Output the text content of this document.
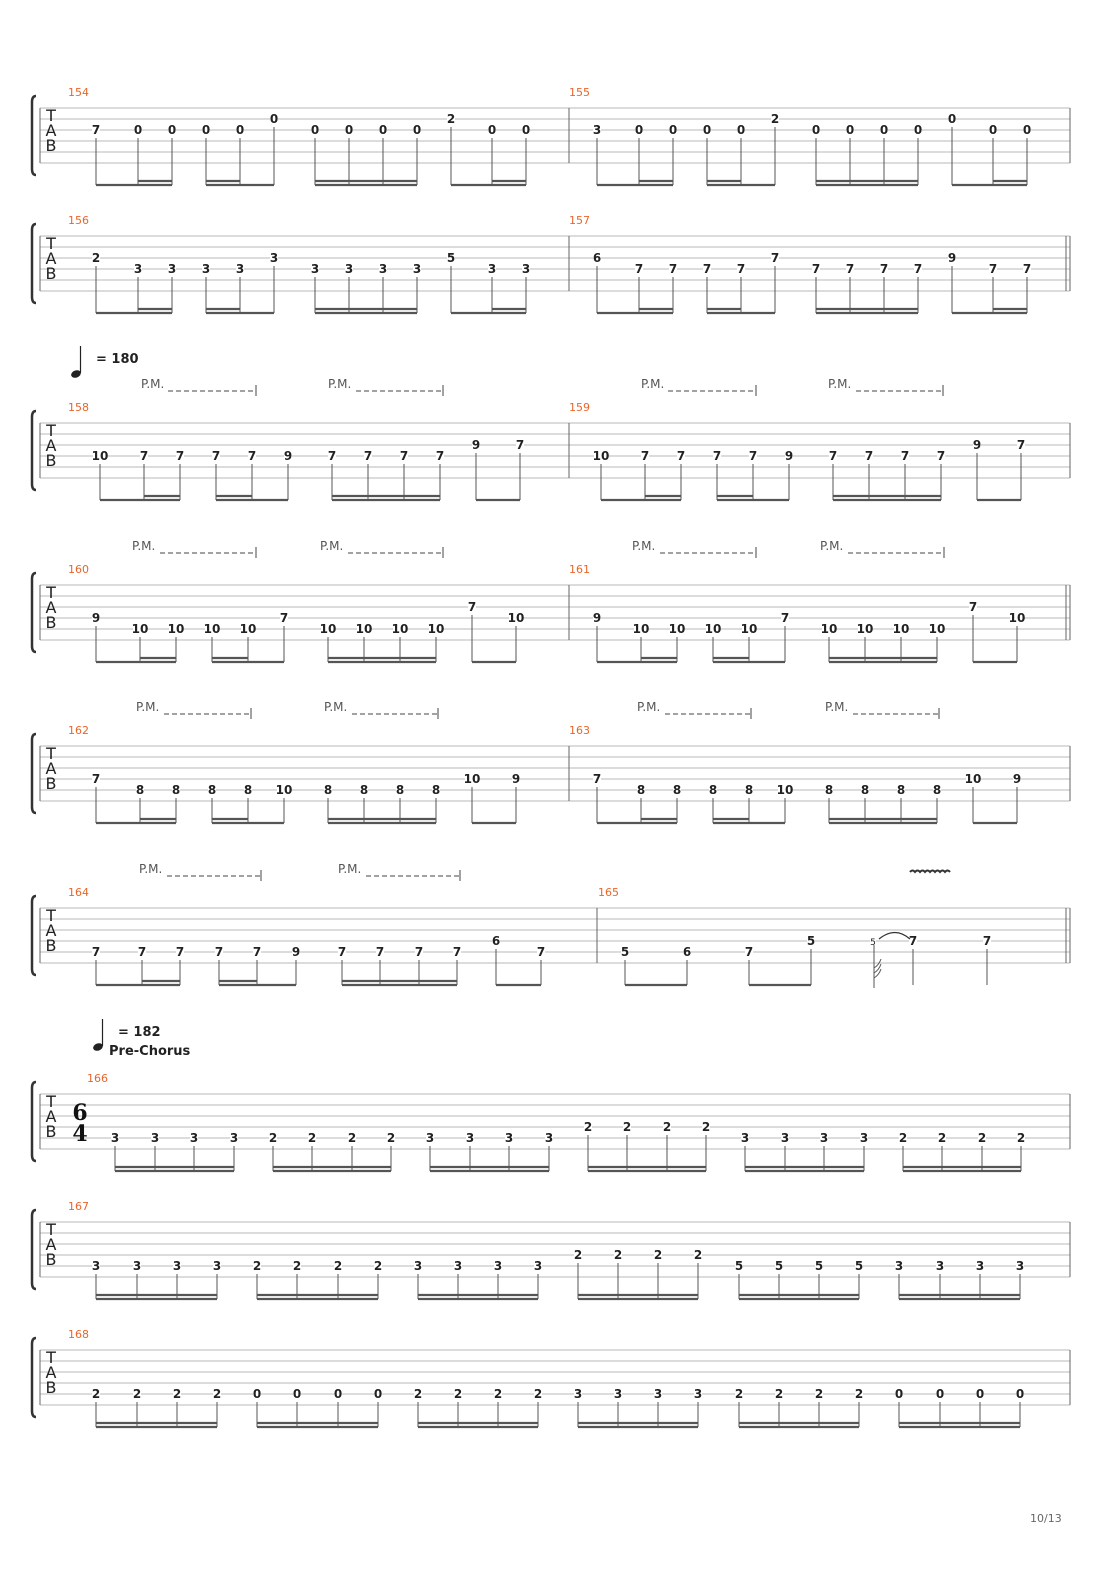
10/13
T
A
B
154
7	0 0 0 0
0
0 0 0 0
2
0 0
155
3	0 0 0 0
2
0 0 0 0
0
0 0
T
A
B
156
2
3 3 3 3
3
3 3 3 3
5
3 3
157
6
7 7 7 7
7
7 7 7 7
9
7 7
T
A
B
= 180
P.M.	P.M.	P.M.	P.M.
158
10	7 7 7 7 9	7 7 7 7
9	7
159
10	7 7 7 7 9	7 7 7 7
9	7
T
A
B
P.M.	P.M.	P.M.	P.M.
160
9
10 10 10 10
7
10 10 10 10
7
10
161
9
10 10 10 10
7
10 10 10 10
7
10
T
A
B
P.M.	P.M.	P.M.	P.M.
162
7
8 8 8 8 10	8 8 8 8
10	9
163
7
8 8 8 8 10	8 8 8 8
10	9
T
A
B
P.M.	P.M.
164
7	7 7	7 7	9	7 7	7 7
6
7
165
5	6	7
5	5	7	7
T
A
B
6
4
= 182
Pre-Chorus
166
3	3	3	3	2	2	2	2	3	3	3	3
2	2	2	2
3	3	3	3	2	2	2	2
T
A
B
167
3	3	3	3	2	2	2	2	3	3	3	3
2	2	2	2
5	5	5	5	3	3	3	3
T
A
B
168
2	2	2	2	0	0	0	0	2	2	2	2	3	3	3	3	2	2	2	2	0	0	0	0
